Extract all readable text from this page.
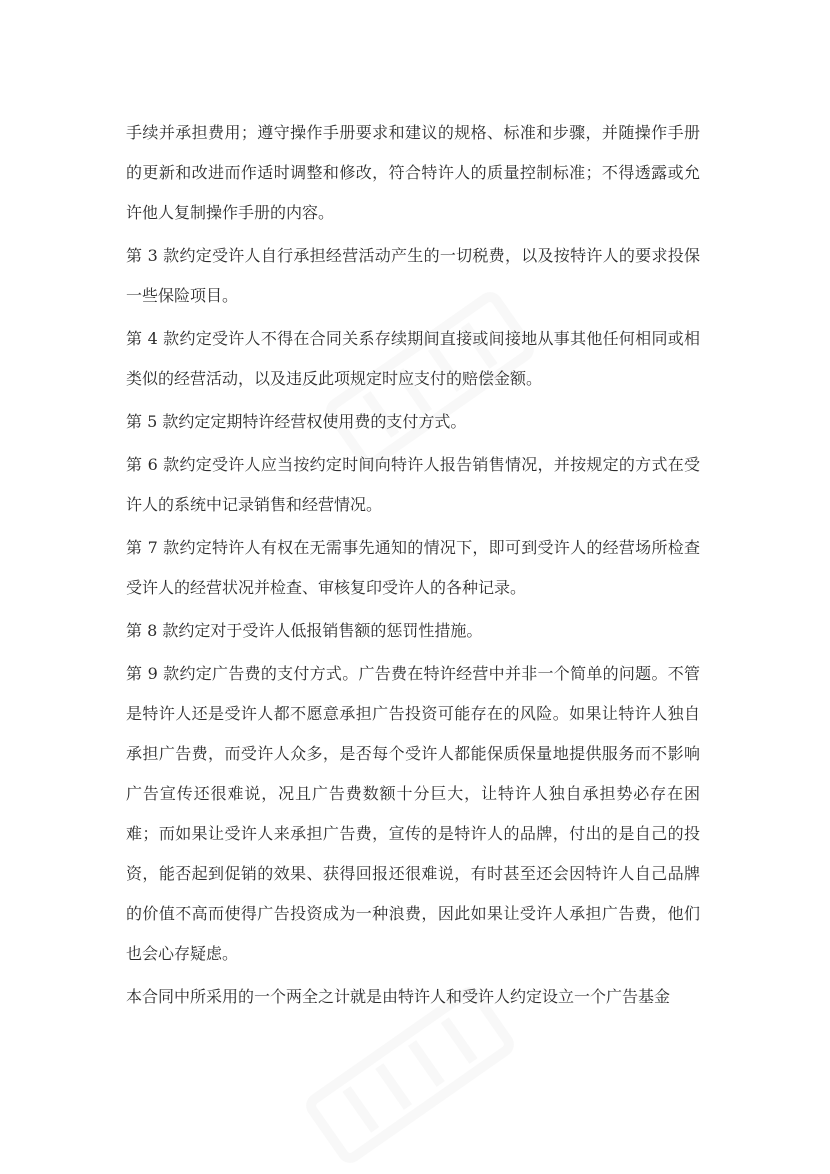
手续并承担费用；遵守操作手册要求和建议的规格、标准和步骤，并随操作手册的更新和改进而作适时调整和修改，符合特许人的质量控制标准；不得透露或允许他人复制操作手册的内容。

第 3 款约定受许人自行承担经营活动产生的一切税费，以及按特许人的要求投保一些保险项目。

第 4 款约定受许人不得在合同关系存续期间直接或间接地从事其他任何相同或相类似的经营活动，以及违反此项规定时应支付的赔偿金额。

第 5 款约定定期特许经营权使用费的支付方式。

第 6 款约定受许人应当按约定时间向特许人报告销售情况，并按规定的方式在受许人的系统中记录销售和经营情况。

第 7 款约定特许人有权在无需事先通知的情况下，即可到受许人的经营场所检查受许人的经营状况并检查、审核复印受许人的各种记录。

第 8 款约定对于受许人低报销售额的惩罚性措施。

第 9 款约定广告费的支付方式。广告费在特许经营中并非一个简单的问题。不管是特许人还是受许人都不愿意承担广告投资可能存在的风险。如果让特许人独自承担广告费，而受许人众多，是否每个受许人都能保质保量地提供服务而不影响广告宣传还很难说，况且广告费数额十分巨大，让特许人独自承担势必存在困难；而如果让受许人来承担广告费，宣传的是特许人的品牌，付出的是自己的投资，能否起到促销的效果、获得回报还很难说，有时甚至还会因特许人自己品牌的价值不高而使得广告投资成为一种浪费，因此如果让受许人承担广告费，他们也会心存疑虑。

本合同中所采用的一个两全之计就是由特许人和受许人约定设立一个广告基金
